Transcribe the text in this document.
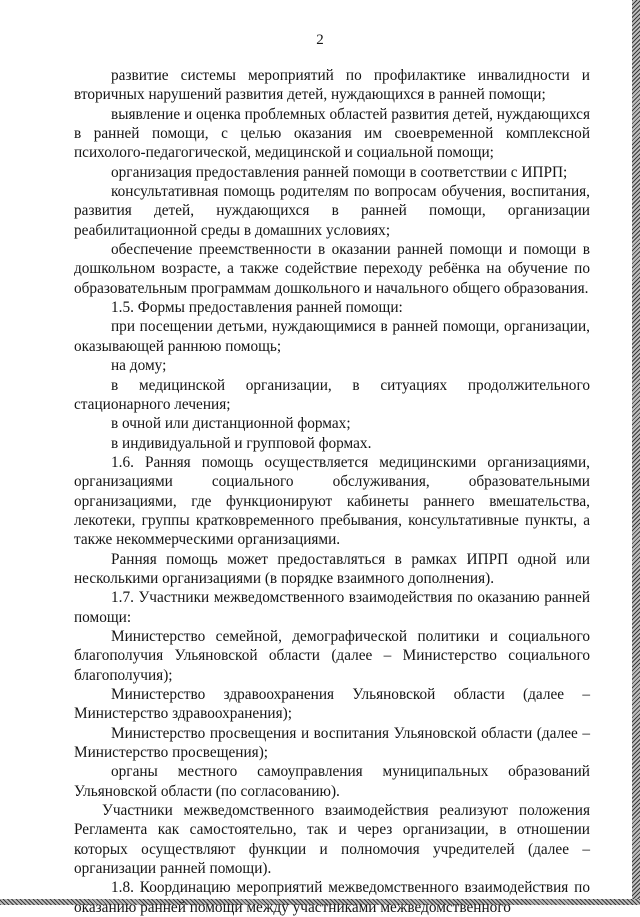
2

развитие системы мероприятий по профилактике инвалидности и вторичных нарушений развития детей, нуждающихся в ранней помощи;

выявление и оценка проблемных областей развития детей, нуждающихся в ранней помощи, с целью оказания им своевременной комплексной психолого-педагогической, медицинской и социальной помощи;

организация предоставления ранней помощи в соответствии с ИПРП;

консультативная помощь родителям по вопросам обучения, воспитания, развития детей, нуждающихся в ранней помощи, организации реабилитационной среды в домашних условиях;

обеспечение преемственности в оказании ранней помощи и помощи в дошкольном возрасте, а также содействие переходу ребёнка на обучение по образовательным программам дошкольного и начального общего образования.

1.5. Формы предоставления ранней помощи:

при посещении детьми, нуждающимися в ранней помощи, организации, оказывающей раннюю помощь;

на дому;

в медицинской организации, в ситуациях продолжительного стационарного лечения;

в очной или дистанционной формах;

в индивидуальной и групповой формах.

1.6. Ранняя помощь осуществляется медицинскими организациями, организациями социального обслуживания, образовательными организациями, где функционируют кабинеты раннего вмешательства, лекотеки, группы кратковременного пребывания, консультативные пункты, а также некоммерческими организациями.

Ранняя помощь может предоставляться в рамках ИПРП одной или несколькими организациями (в порядке взаимного дополнения).

1.7. Участники межведомственного взаимодействия по оказанию ранней помощи:

Министерство семейной, демографической политики и социального благополучия Ульяновской области (далее – Министерство социального благополучия);

Министерство здравоохранения Ульяновской области (далее – Министерство здравоохранения);

Министерство просвещения и воспитания Ульяновской области (далее – Министерство просвещения);

органы местного самоуправления муниципальных образований Ульяновской области (по согласованию).

Участники межведомственного взаимодействия реализуют положения Регламента как самостоятельно, так и через организации, в отношении которых осуществляют функции и полномочия учредителей (далее – организации ранней помощи).

1.8. Координацию мероприятий межведомственного взаимодействия по оказанию ранней помощи между участниками межведомственного
